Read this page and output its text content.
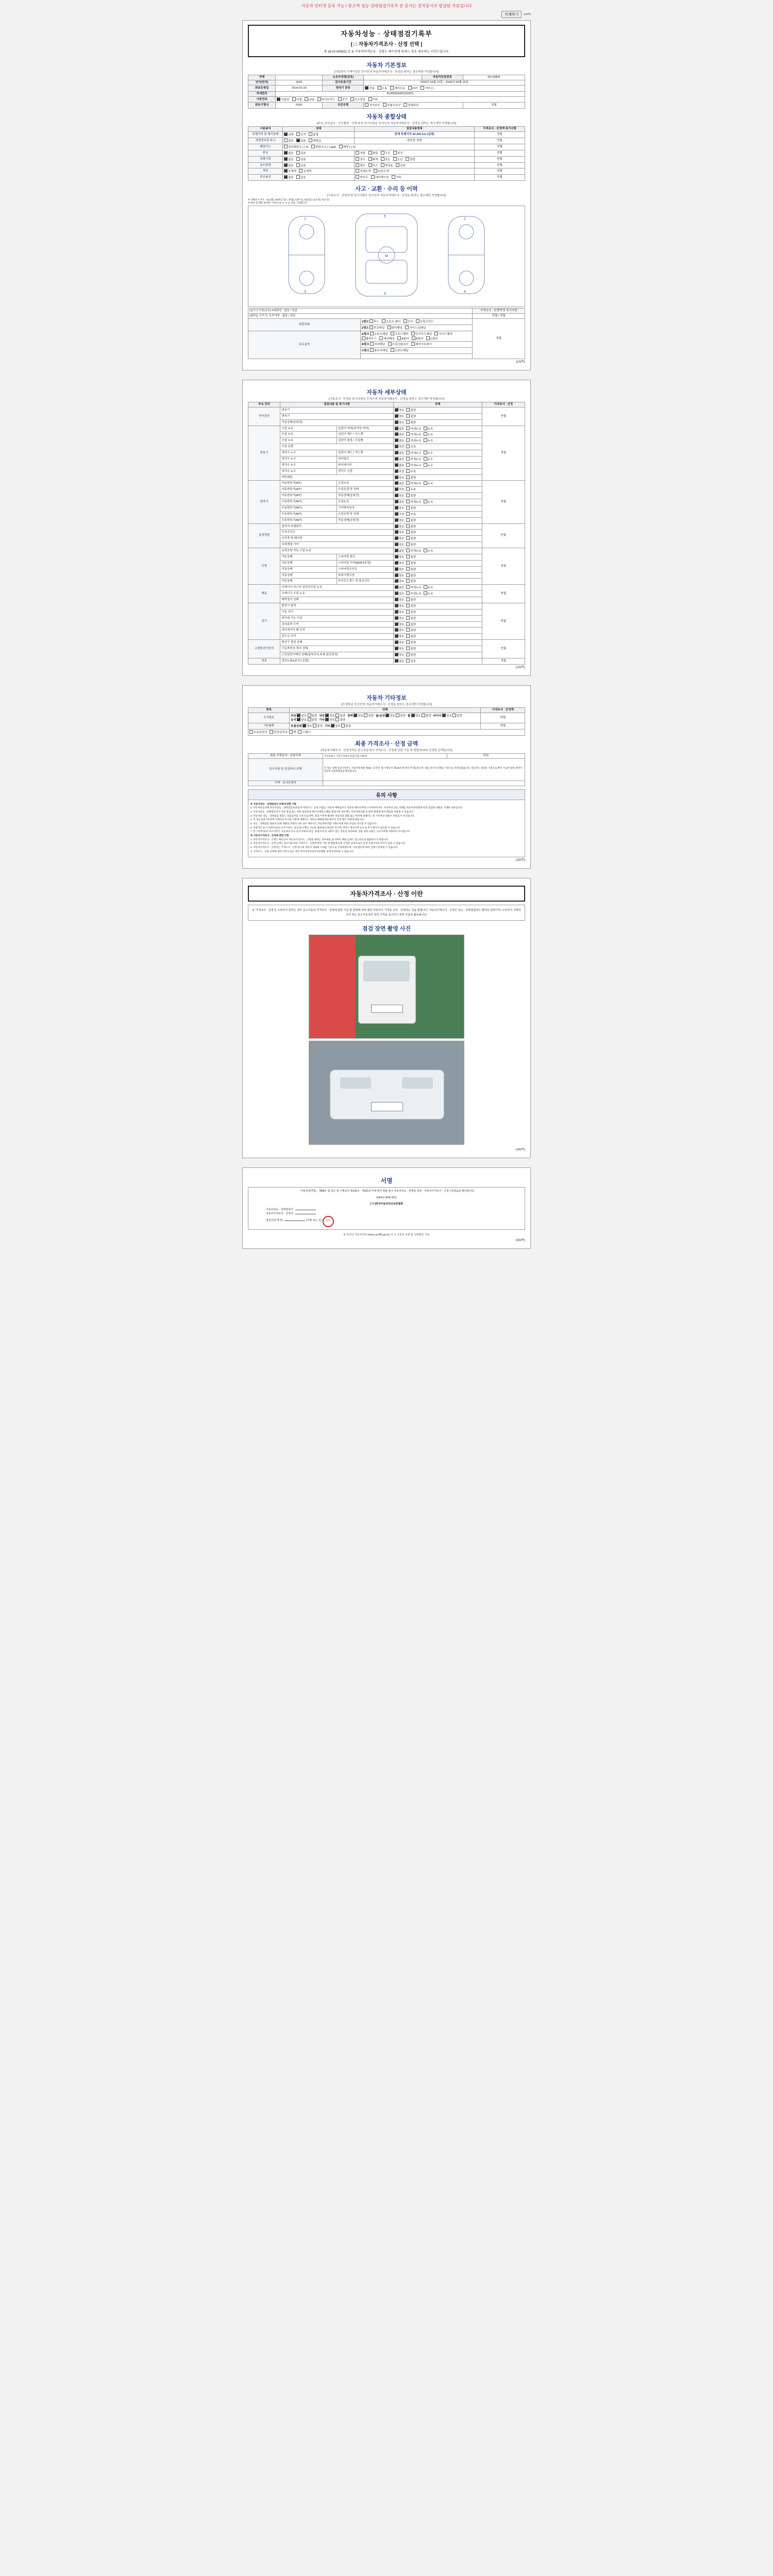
자동차 인터넷 등록 가능 / 중고차 성능·상태점검기록부 본 문서는 전자문서로 발급된 자료입니다
인쇄하기	(1/6쪽)
자동차성능 · 상태점검기록부
( □ 자동차가격조사 · 산정 선택 )
제 16-10-000622 호 ※ 자동차여객운송 · 성형은 해수민에 원하는 경우 제공하는 서비스입니다.
자동차 기본정보
[기록부의 기재기간은 등사인의 자동차거래조사 · 산정을 원하는 경우에만 작성합니다]
차명		소유자성명(상호)		자동차등록번호	06-C0805
년식(연식)	2025	검사유효기간	2024년 04월 17일 ~ 2026년 04월 16일		
최초등록일	2016-02-18	변속기 종류	✓자동 수동 세미오토 CVT 기타 ( )
차대번호	KLRK0DG6F2010/01				
사용연료	✓가솔린 디젤 LPG 하이브리드 전기 수소연료 기타
원동기형식	F005	보증유형	자가보증 보험사보증 업체보증		연월
자동차 종합상태
[주요, 주요골조 · 구조물과 · 산정에 및 특기사항은 등사인의 자동차거래조사 · 산정을 원하는 경우에만 작성합니다]
사용용어	상태	점검내용항목	가격조사 · 산정액 특기사항
주행거리 및 계기상태	✓실제 조작 불명	현재 주행거리 45,000 km (실제)	연월
차량번호판 표시	없음 ✓ 있음 재발급	번호판 상태	연월
배출가스	일산화탄소 ( ) % 탄화수소 ( ) ppm 매연 ( ) %		연월
튜닝	✓없음 있음	적법 불법 구조 장치	연월
특별이력	✓없음 있음	침수 화재 전손 도난 결함	연월
용도변경	✓없음 있음	렌트 리스 영업용 관용	연월
색상	✓무채색 유채색	전체도색 부분도색	연월
주요옵션	✓없음 있음	썬루프 네비게이션 기타	연월
사고 · 교환 · 수리 등 이력
[기록조사 · 산정에 및 특기사항은 등사인의 자동차거래조사 · 산정을 원하는 경우에만 작성합니다]
※ 상태표시 부호 : X(교환), W(판금 또는 용접), C(부식), A(흠집), U(요철), T(손상)
※ 판단 및 해당 순번의 기호(X, W, C, A, U, T)를 기재합니다
1
3
2
4
M
5
6
(1)사고이력(유무) 4점판단 : 없음 / 있음		가격조사 · 산정액 및 특기사항
(2)단순 수리 등 유무여부 : 없음 / 있음		연월 / 연월
외판부위	1랭크 후드 프론트 펜더 도어 트렁크리드	연월
	2랭크 루프패널 쿼터패널 사이드실패널	
주요골격	A랭크 프론트패널 크로스맴버 인사이드패널 사이드맴버 휠하우스 대쉬패널 A필러 B필러 C필러	
	B랭크 리어패널 트렁크플로어 패키지트레이	
	C랭크 플로어패널 프론트패널	

(1/6쪽)
자동차 세부상태
[기록조사 · 산정을 특기사항은 등사인의 자동차거래조사 · 산정을 원하는 경우에만 작성합니다]
주요 장치	점검내용 및 특기사항		상태	가격조사 · 산정
자가진단	원동기	✓양호 불량	연월
	변속기	✓양호 불량
	작동상태(공회전)	✓양호 불량
원동기	오일 누유	실린더 커버(로커암 커버)	✓없음 미세누유 누유	연월
	오일 누유	실린더 헤드 / 가스켓	✓없음 미세누유 누유
	오일 누유	실린더 블록 / 오일팬	✓없음 미세누유 누유
	오일 유량	✓적정 부족
	냉각수 누수	실린더 헤드 / 가스켓	✓없음 미세누수 누수
	냉각수 누수	워터펌프	✓없음 미세누수 누수
	냉각수 누수	라디에이터	✓없음 미세누수 누수
	냉각수 누수	냉각수 수량	✓적정 부족
	커먼레일	✓양호 불량
변속기	자동변속기(A/T)	오일누유	✓없음 미세누유 누유	연월
	자동변속기(A/T)	오일유량 및 상태	✓적정 부족
	자동변속기(A/T)	작동상태(공회전)	✓양호 불량
	수동변속기(M/T)	오일누유	✓없음 미세누유 누유
	수동변속기(M/T)	기어변속장치	✓양호 불량
	수동변속기(M/T)	오일유량 및 상태	✓적정 부족
	수동변속기(M/T)	작동상태(공회전)	✓양호 불량
동력전달	클러치 어셈블리	✓양호 불량	연월
	등속조인트	✓양호 불량
	추진축 및 베어링	✓양호 불량
	디퍼렌셜 기어	✓양호 불량
조향	동력조향 작동 오일 누유	✓없음 미세누유 누유	연월
	작동상태	스티어링 펌프	✓양호 불량
	작동상태	스티어링 기어(MDPS포함)	✓양호 불량
	작동상태	스티어링조인트	✓양호 불량
	작동상태	파워크랭크암	✓양호 불량
	작동상태	타이로드엔드 및 볼조인트	✓양호 불량
제동	브레이크 마스터 실린더오일 누유	✓없음 미세누유 누유	연월
	브레이크 오일 누유	✓없음 미세누유 누유
	배력장치 상태	✓양호 불량
전기	발전기 출력	✓양호 불량	연월
	시동 모터	✓양호 불량
	와이퍼 기능 이상	✓양호 불량
	실내송풍 모터	✓양호 불량
	라디에이터 팬 모터	✓양호 불량
	윈도우 모터	✓양호 불량
고전원전기장치	충전구 절연 상태	✓양호 불량	연월
	구동축전지 격리 상태	✓양호 불량
	고전원전기배선 상태(접속단자,피복,잠금장치)	✓양호 불량
연료	연료누출(LP가스포함)	✓없음 있음	연월
(2/6쪽)
자동차 기타정보
[각 항목은 등사인의 자동차거래조사 · 산정을 원하는 경우에만 작성합니다]
항목	상태	가격조사 · 산정액
수리필요	외관 ✓ 양호 불량 내장 ✓ 양호 불량 광택 ✓ 양호 불량 룸/실내 ✓ 양호 불량 휠 ✓ 양호 불량 타이어 ✓ 양호 불량유리 ✓ 양호 불량 기타 ✓ 양호 불량	연월
기본품목	부품상태 ✓ 양호 불량 기타 ✓ 양호 불량	연월
사용설명서 안전삼각대 잭 스패너		
최종 가격조사 · 산정 금액
[자동차거래조사 · 산정가격은 중고자동차의 가격조사 · 산정에 관한 기준 및 방법에 따라 산정한 금액입니다]
최종 가격조사 · 산정가격	가격산정시 기준가격에서 차감/가감 적용액	만원
특기사항 및 점검자의 견해	본 성능·상태 점검기록부는 자동차관리법 제58조 및 같은 법 시행규칙 제120조에 따라 작성되었으며, 점검 당시의 상태를 기준으로 작성되었습니다. 점검자는 점검일 기준으로 확인 가능한 범위 내에서 성실히 점검하였음을 확인합니다.	
가격 · 조사산정자		
유의 사항
※ 자동차성능 · 상태점검자 보험에 관한 사항
1. 자동차성능상태 자동차성능 · 상태점검자(자동차거래조사 · 산정 포함)는 자동차 매매업자가 자동차 매수인에게 고지하여야 하는 자동차의 성능·상태를 자동차관리법에 따라 점검한 내용을 기재한 서류입니다.
2. 자동차성능 · 상태점검자가 부실 점검 또는 허위 점검하여 매수인에게 손해를 발생시킨 경우에는 자동차관리법 및 관련 법령에 따라 책임을 부담할 수 있습니다.
3. 자동차의 성능 · 상태점검 결과는 점검일자를 기준으로 하며, 점검 이후에 발생한 자동차의 결함 또는 하자에 대해서는 본 기록부의 내용이 적용되지 아니합니다.
4. 본 성능점검기록부에 기재되지 아니한 사항에 대해서는 자동차 매매업자와 매수인 간의 별도 약정에 따릅니다.
5. 성능 · 상태점검 내용과 실제 차량의 상태가 다른 경우 매수인은 자동차관리법 시행규칙에 따라 보상을 청구할 수 있습니다.
6. 주행거리 표시기(계기판)의 조작 여부는 점검 당시 확인 가능한 범위에서 판단한 것이며, 제작사 정비이력 등으로 추가 확인이 필요할 수 있습니다.
7. 본 기록부상의 '사고이력'은 자동차의 주요 골격 부위의 판금, 용접수리 및 교환이 있는 경우를 의미하며, 단순 외판 교환은 사고이력에 포함되지 아니합니다.
※ 자동차가격조사 · 산정에 관한 사항
1. 자동차가격조사 · 산정은 매수인이 자동차가격조사 · 산정을 원하는 경우에만 실시하며, 해당 금액은 참고자료로 활용하시기 바랍니다.
2. 자동차가격조사 · 산정 금액은 중고자동차의 가격조사 · 산정에 관한 기준 및 방법에 따라 산정된 금액으로서 실제 거래가격과 차이가 있을 수 있습니다.
3. 자동차가격조사 · 산정자는 가격조사 · 산정 당시의 자동차 상태와 시세를 기준으로 산정하였으며, 시세 변동에 따라 금액이 달라질 수 있습니다.
4. 가격조사 · 산정 금액에 대한 이의가 있는 경우 한국자동차진단보증협회 등에 문의하실 수 있습니다.
(3/6쪽)
자동차가격조사 · 산정 이란
※ '가격조사 · 산정'은 소비자가 원하는 경우 중고자동차 가격조사 · 산정에 관한 기준 및 방법에 따라 해당 자동차의 가격을 조사 · 산정하는 것을 말합니다. 자동차가격조사 · 산정은 성능 · 상태점검과는 별개의 절차이며, 소비자가 구매하고자 하는 중고자동차의 적정 가격을 참고하기 위한 자료로 활용됩니다.
점검 장면 촬영 사진
(4/6쪽)
서명
『자동차관리법』 제58조 및 같은 법 시행규칙 제120조 · 제121조기에 따라 위와 같이 자동차성능 · 상태를 점검 · 자동차가격조사 · 산정 ) 하였음을 확인합니다.
2024년 00월 00일
[ 사 ]한국자동차진단보증협회
자동차성능 · 상태점검자 :
자동차가격조사 · 산정자 :
점검자(산정자) :	(서명 또는 인) 직인
※ 차산인 자동차정보 (www.car365.go.kr) 의 수 공통중 조회 및 진위확인 가능
(5/6쪽)
